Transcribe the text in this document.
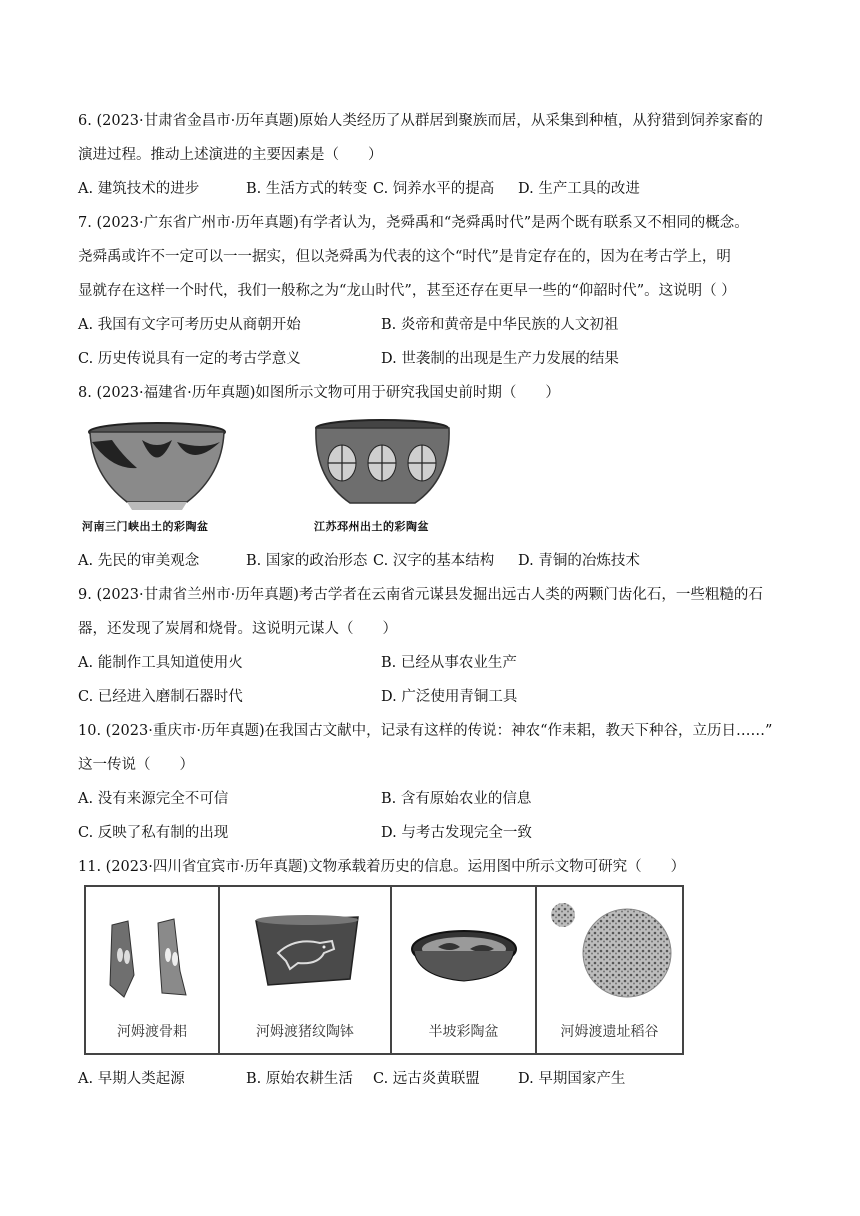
6. (2023·甘肃省金昌市·历年真题)原始人类经历了从群居到聚族而居，从采集到种植，从狩猎到饲养家畜的
演进过程。推动上述演进的主要因素是（　　）
A. 建筑技术的进步	B. 生活方式的转变 C. 饲养水平的提高 D. 生产工具的改进
7. (2023·广东省广州市·历年真题)有学者认为，尧舜禹和“尧舜禹时代”是两个既有联系又不相同的概念。
尧舜禹或许不一定可以一一据实，但以尧舜禹为代表的这个“时代”是肯定存在的，因为在考古学上，明
显就存在这样一个时代，我们一般称之为“龙山时代”，甚至还存在更早一些的“仰韶时代”。这说明（ ）
A. 我国有文字可考历史从商朝开始	B. 炎帝和黄帝是中华民族的人文初祖
C. 历史传说具有一定的考古学意义	D. 世袭制的出现是生产力发展的结果
8. (2023·福建省·历年真题)如图所示文物可用于研究我国史前时期（　　）
河南三门峡出土的彩陶盆	江苏邳州出土的彩陶盆
A. 先民的审美观念	B. 国家的政治形态 C. 汉字的基本结构 D. 青铜的冶炼技术
9. (2023·甘肃省兰州市·历年真题)考古学者在云南省元谋县发掘出远古人类的两颗门齿化石，一些粗糙的石
器，还发现了炭屑和烧骨。这说明元谋人（　　）
A. 能制作工具知道使用火	B. 已经从事农业生产
C. 已经进入磨制石器时代	D. 广泛使用青铜工具
10. (2023·重庆市·历年真题)在我国古文献中，记录有这样的传说：神农“作耒耜，教天下种谷，立历日……”
这一传说（　　）
A. 没有来源完全不可信	B. 含有原始农业的信息
C. 反映了私有制的出现	D. 与考古发现完全一致
11. (2023·四川省宜宾市·历年真题)文物承载着历史的信息。运用图中所示文物可研究（　　）
河姆渡骨耜	河姆渡猪纹陶钵	半坡彩陶盆	河姆渡遗址稻谷
A. 早期人类起源	B. 原始农耕生活 C. 远古炎黄联盟	D. 早期国家产生
